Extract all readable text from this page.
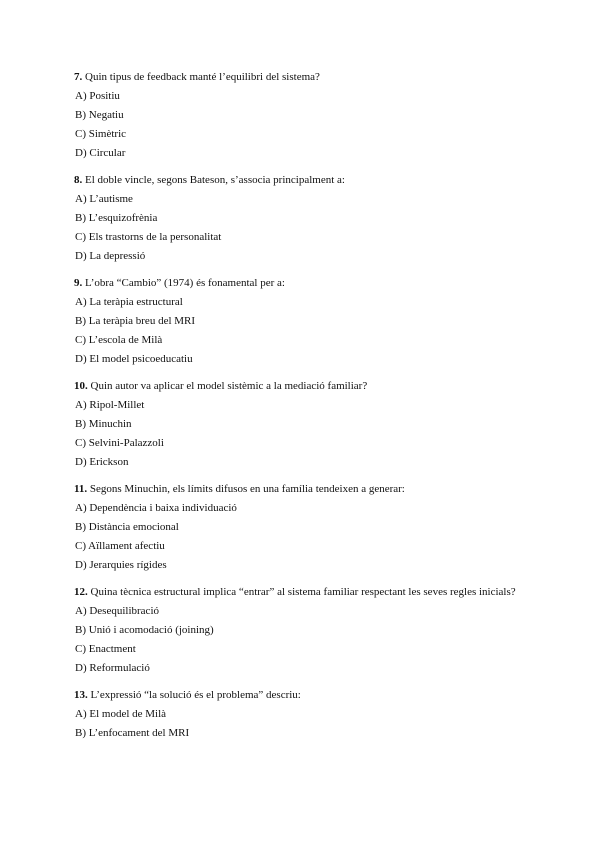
7. Quin tipus de feedback manté l’equilibri del sistema?
A) Positiu
B) Negatiu
C) Simètric
D) Circular
8. El doble vincle, segons Bateson, s’associa principalment a:
A) L’autisme
B) L’esquizofrènia
C) Els trastorns de la personalitat
D) La depressió
9. L’obra “Cambio” (1974) és fonamental per a:
A) La teràpia estructural
B) La teràpia breu del MRI
C) L’escola de Milà
D) El model psicoeducatiu
10. Quin autor va aplicar el model sistèmic a la mediació familiar?
A) Ripol-Millet
B) Minuchin
C) Selvini-Palazzoli
D) Erickson
11. Segons Minuchin, els límits difusos en una família tendeixen a generar:
A) Dependència i baixa individuació
B) Distància emocional
C) Aïllament afectiu
D) Jerarquies rígides
12. Quina tècnica estructural implica “entrar” al sistema familiar respectant les seves regles inicials?
A) Desequilibració
B) Unió i acomodació (joining)
C) Enactment
D) Reformulació
13. L’expressió “la solució és el problema” descriu:
A) El model de Milà
B) L’enfocament del MRI
